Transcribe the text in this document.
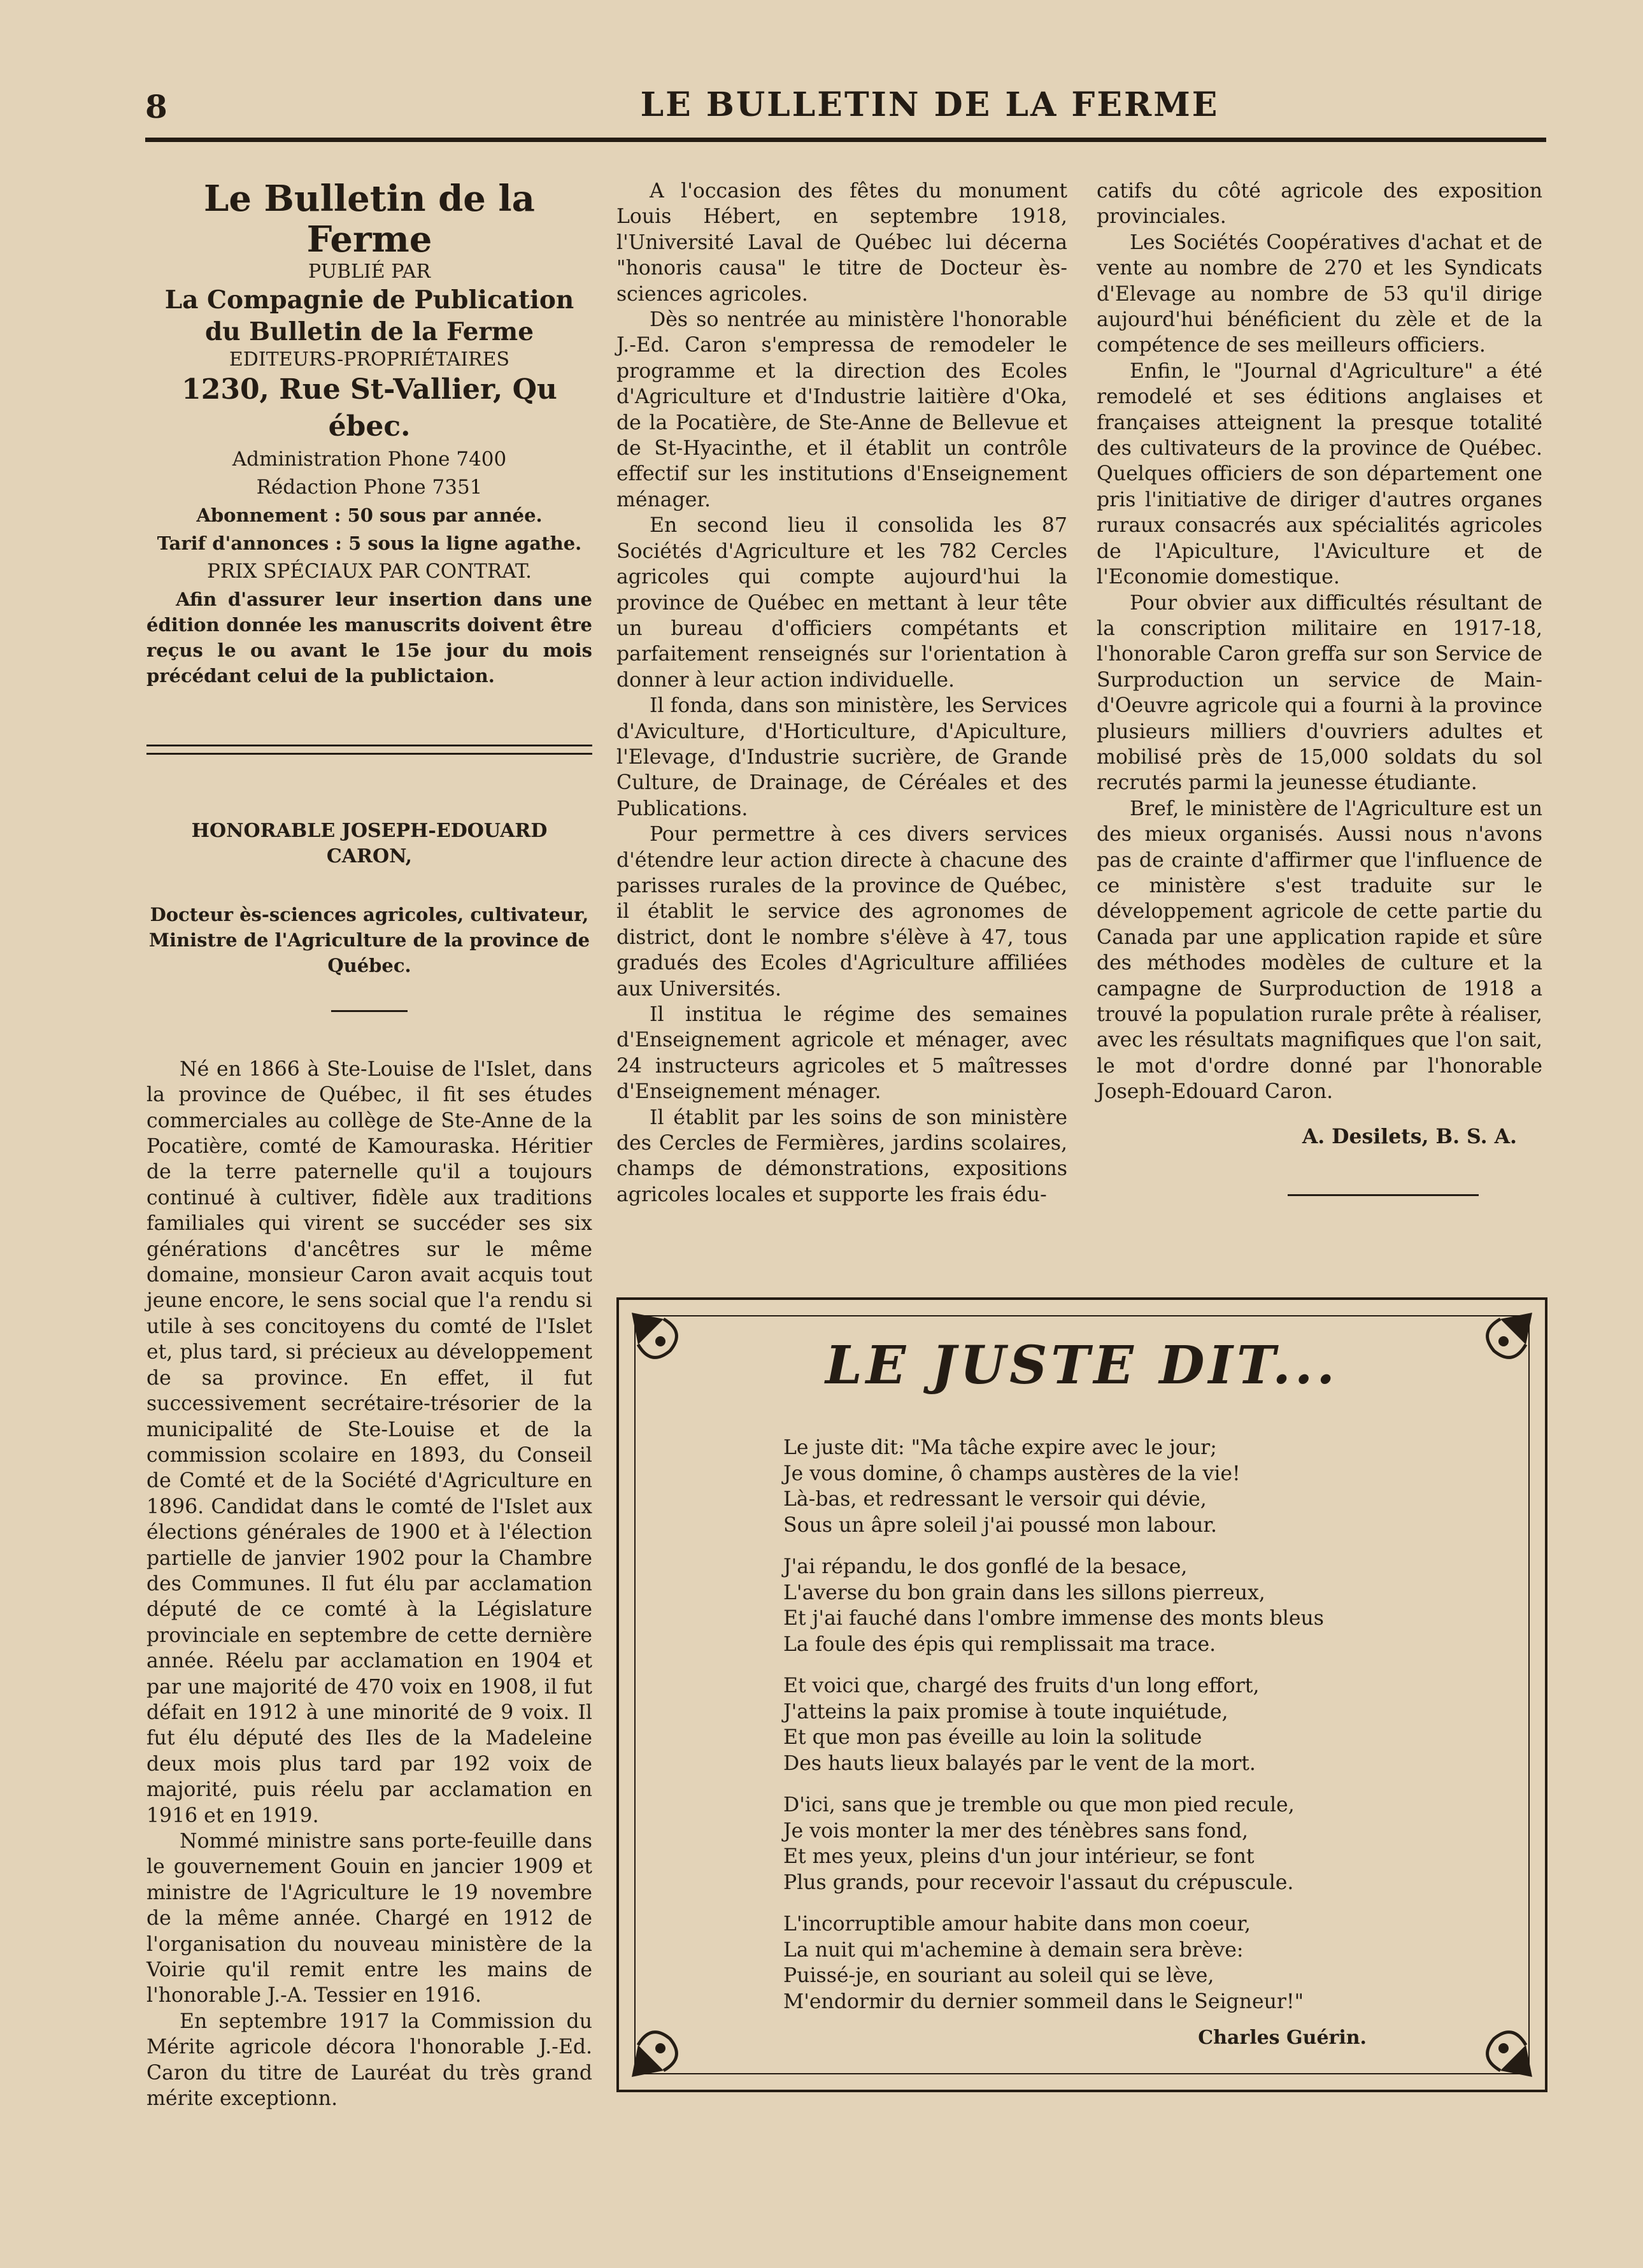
8	LE BULLETIN DE LA FERME
Le Bulletin de la Ferme
PUBLIÉ PAR
La Compagnie de Publication du Bulletin de la Ferme
EDITEURS-PROPRIÉTAIRES
1230, Rue St-Vallier, Qu ébec.
Administration Phone 7400
Rédaction Phone 7351
Abonnement : 50 sous par année.
Tarif d'annonces : 5 sous la ligne agathe.
PRIX SPÉCIAUX PAR CONTRAT.
Afin d'assurer leur insertion dans une édition donnée les manuscrits doivent être reçus le ou avant le 15e jour du mois précédant celui de la publictaion.
HONORABLE JOSEPH-EDOUARD CARON,
Docteur ès-sciences agricoles, cultivateur, Ministre de l'Agriculture de la province de Québec.

Né en 1866 à Ste-Louise de l'Islet, dans la province de Québec, il fit ses études commerciales au collège de Ste-Anne de la Pocatière, comté de Kamouraska. Héritier de la terre paternelle qu'il a toujours continué à cultiver, fidèle aux traditions familiales qui virent se succéder ses six générations d'ancêtres sur le même domaine, monsieur Caron avait acquis tout jeune encore, le sens social que l'a rendu si utile à ses concitoyens du comté de l'Islet et, plus tard, si précieux au développement de sa province. En effet, il fut successivement secrétaire-trésorier de la municipalité de Ste-Louise et de la commission scolaire en 1893, du Conseil de Comté et de la Société d'Agriculture en 1896. Candidat dans le comté de l'Islet aux élections générales de 1900 et à l'élection partielle de janvier 1902 pour la Chambre des Communes. Il fut élu par acclamation député de ce comté à la Législature provinciale en septembre de cette dernière année. Réelu par acclamation en 1904 et par une majorité de 470 voix en 1908, il fut défait en 1912 à une minorité de 9 voix. Il fut élu député des Iles de la Madeleine deux mois plus tard par 192 voix de majorité, puis réelu par acclamation en 1916 et en 1919.

Nommé ministre sans porte-feuille dans le gouvernement Gouin en jancier 1909 et ministre de l'Agriculture le 19 novembre de la même année. Chargé en 1912 de l'organisation du nouveau ministère de la Voirie qu'il remit entre les mains de l'honorable J.-A. Tessier en 1916.

En septembre 1917 la Commission du Mérite agricole décora l'honorable J.-Ed. Caron du titre de Lauréat du très grand mérite exceptionn.

A l'occasion des fêtes du monument Louis Hébert, en septembre 1918, l'Université Laval de Québec lui décerna "honoris causa" le titre de Docteur ès-sciences agricoles.

Dès so nentrée au ministère l'honorable J.-Ed. Caron s'empressa de remodeler le programme et la direction des Ecoles d'Agriculture et d'Industrie laitière d'Oka, de la Pocatière, de Ste-Anne de Bellevue et de St-Hyacinthe, et il établit un contrôle effectif sur les institutions d'Enseignement ménager.

En second lieu il consolida les 87 Sociétés d'Agriculture et les 782 Cercles agricoles qui compte aujourd'hui la province de Québec en mettant à leur tête un bureau d'officiers compétants et parfaitement renseignés sur l'orientation à donner à leur action individuelle.

Il fonda, dans son ministère, les Services d'Aviculture, d'Horticulture, d'Apiculture, l'Elevage, d'Industrie sucrière, de Grande Culture, de Drainage, de Céréales et des Publications.

Pour permettre à ces divers services d'étendre leur action directe à chacune des parisses rurales de la province de Québec, il établit le service des agronomes de district, dont le nombre s'élève à 47, tous gradués des Ecoles d'Agriculture affiliées aux Universités.

Il institua le régime des semaines d'Enseignement agricole et ménager, avec 24 instructeurs agricoles et 5 maîtresses d'Enseignement ménager.

Il établit par les soins de son ministère des Cercles de Fermières, jardins scolaires, champs de démonstrations, expositions agricoles locales et supporte les frais édu-

catifs du côté agricole des exposition provinciales.

Les Sociétés Coopératives d'achat et de vente au nombre de 270 et les Syndicats d'Elevage au nombre de 53 qu'il dirige aujourd'hui bénéficient du zèle et de la compétence de ses meilleurs officiers.

Enfin, le "Journal d'Agriculture" a été remodelé et ses éditions anglaises et françaises atteignent la presque totalité des cultivateurs de la province de Québec. Quelques officiers de son département one pris l'initiative de diriger d'autres organes ruraux consacrés aux spécialités agricoles de l'Apiculture, l'Aviculture et de l'Economie domestique.

Pour obvier aux difficultés résultant de la conscription militaire en 1917-18, l'honorable Caron greffa sur son Service de Surproduction un service de Main-d'Oeuvre agricole qui a fourni à la province plusieurs milliers d'ouvriers adultes et mobilisé près de 15,000 soldats du sol recrutés parmi la jeunesse étudiante.

Bref, le ministère de l'Agriculture est un des mieux organisés. Aussi nous n'avons pas de crainte d'affirmer que l'influence de ce ministère s'est traduite sur le développement agricole de cette partie du Canada par une application rapide et sûre des méthodes modèles de culture et la campagne de Surproduction de 1918 a trouvé la population rurale prête à réaliser, avec les résultats magnifiques que l'on sait, le mot d'ordre donné par l'honorable Joseph-Edouard Caron.

A. Desilets, B. S. A.
LE JUSTE DIT...
Le juste dit: "Ma tâche expire avec le jour;
Je vous domine, ô champs austères de la vie!
Là-bas, et redressant le versoir qui dévie,
Sous un âpre soleil j'ai poussé mon labour.
J'ai répandu, le dos gonflé de la besace,
L'averse du bon grain dans les sillons pierreux,
Et j'ai fauché dans l'ombre immense des monts bleus
La foule des épis qui remplissait ma trace.
Et voici que, chargé des fruits d'un long effort,
J'atteins la paix promise à toute inquiétude,
Et que mon pas éveille au loin la solitude
Des hauts lieux balayés par le vent de la mort.
D'ici, sans que je tremble ou que mon pied recule,
Je vois monter la mer des ténèbres sans fond,
Et mes yeux, pleins d'un jour intérieur, se font
Plus grands, pour recevoir l'assaut du crépuscule.
L'incorruptible amour habite dans mon coeur,
La nuit qui m'achemine à demain sera brève:
Puissé-je, en souriant au soleil qui se lève,
M'endormir du dernier sommeil dans le Seigneur!"
Charles Guérin.
